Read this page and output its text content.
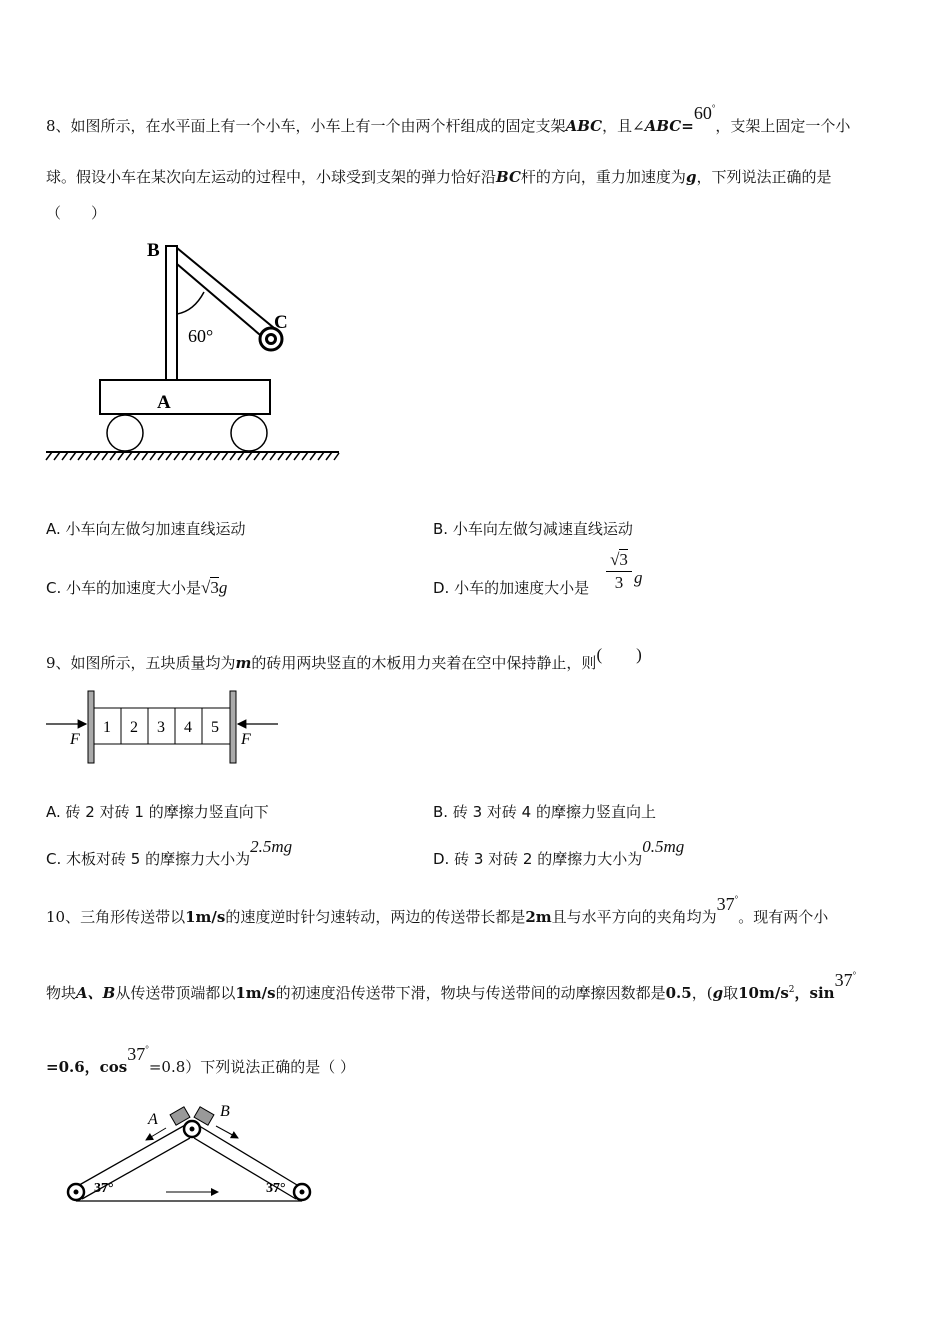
8、如图所示，在水平面上有一个小车，小车上有一个由两个杆组成的固定支架ABC，且∠ABC=60°，支架上固定一个小
球。假设小车在某次向左运动的过程中，小球受到支架的弹力恰好沿BC杆的方向，重力加速度为g，下列说法正确的是
（　　）
B
C
A
60°
A. 小车向左做匀加速直线运动	B. 小车向左做匀减速直线运动
C. 小车的加速度大小是√3g	D. 小车的加速度大小是
√3
3 g
9、如图所示，五块质量均为m的砖用两块竖直的木板用力夹着在空中保持静止，则(　　)
1 2 3 4 5
F	F
A. 砖 2 对砖 1 的摩擦力竖直向下	B. 砖 3 对砖 4 的摩擦力竖直向上
C. 木板对砖 5 的摩擦力大小为2.5mg
D. 砖 3 对砖 2 的摩擦力大小为0.5mg
10、三角形传送带以1m/s的速度逆时针匀速转动，两边的传送带长都是2m且与水平方向的夹角均为37°。现有两个小
物块A、B从传送带顶端都以1m/s的初速度沿传送带下滑，物块与传送带间的动摩擦因数都是0.5，(g取$10m/s^2$，sin37°
=0.6，cos37°=0.8）下列说法正确的是（ ）
A	B
37°	37°
